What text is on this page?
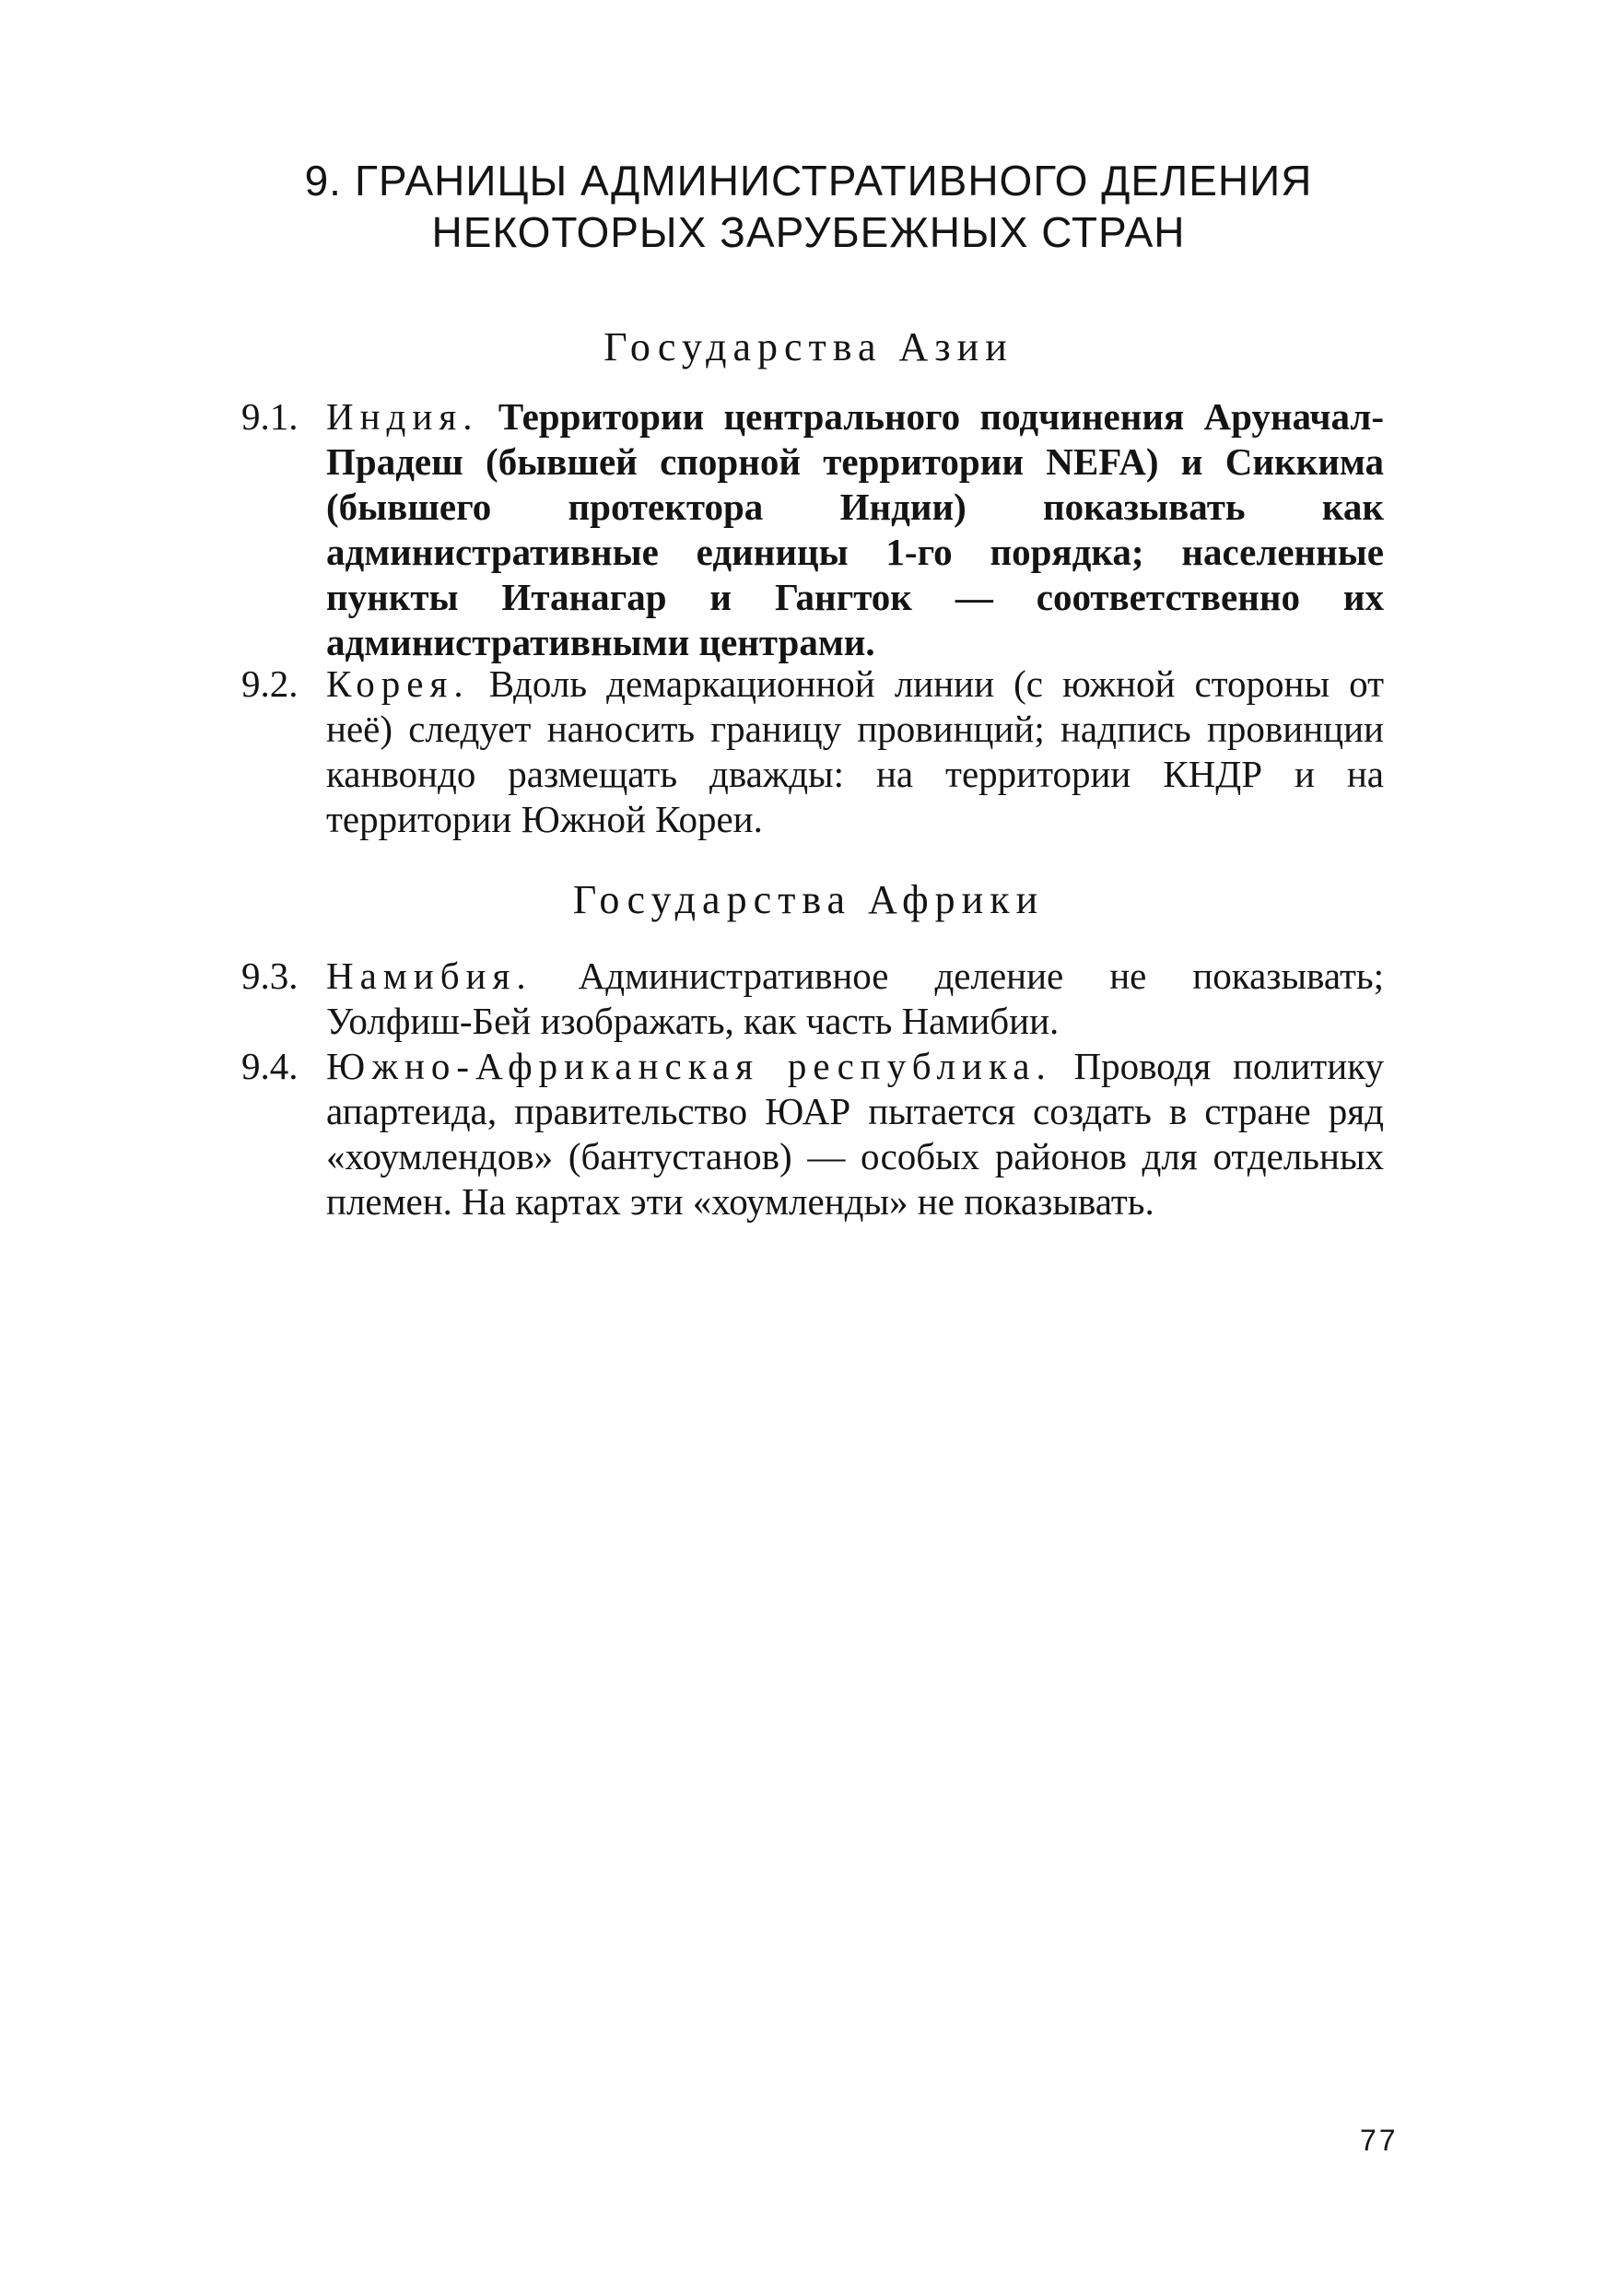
9. ГРАНИЦЫ АДМИНИСТРАТИВНОГО ДЕЛЕНИЯ
НЕКОТОРЫХ ЗАРУБЕЖНЫХ СТРАН
Государства Азии
9.1. Индия. Территории центрального подчинения Аруначал-Прадеш (бывшей спорной территории NEFA) и Сиккима (бывшего протектора Индии) показывать как административные единицы 1-го порядка; населенные пункты Итанагар и Гангток — соответственно их административными центрами.

9.2. Корея. Вдоль демаркационной линии (с южной стороны от неё) следует наносить границу провинций; надпись провинции канвондо размещать дважды: на территории КНДР и на территории Южной Кореи.

Государства Африки
9.3. Намибия. Административное деление не показывать; Уолфиш-Бей изображать, как часть Намибии.

9.4. Южно-Африканская республика. Проводя политику апартеида, правительство ЮАР пытается создать в стране ряд «хоумлендов» (бантустанов) — особых районов для отдельных племен. На картах эти «хоумленды» не показывать.

77
